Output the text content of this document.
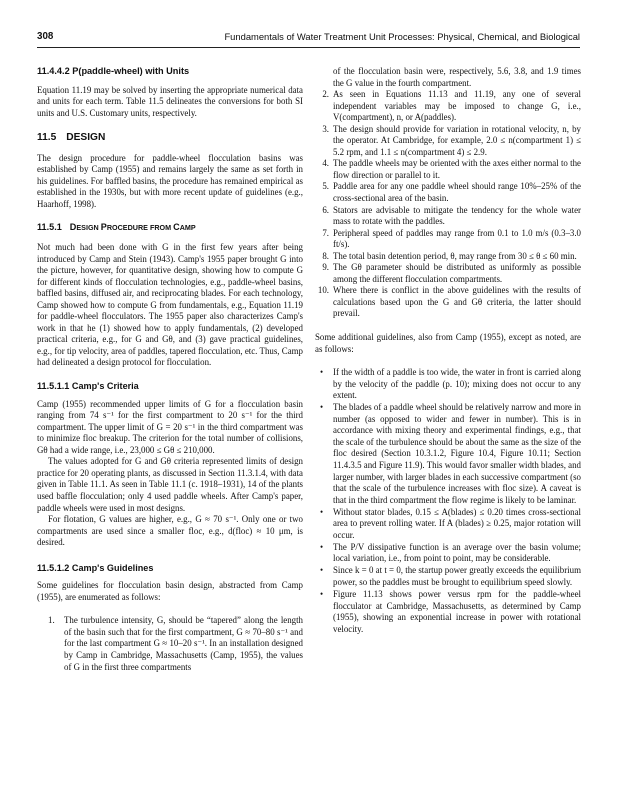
308	Fundamentals of Water Treatment Unit Processes: Physical, Chemical, and Biological
11.4.4.2 P(paddle-wheel) with Units

Equation 11.19 may be solved by inserting the appropriate numerical data and units for each term. Table 11.5 delineates the conversions for both SI units and U.S. Customary units, respectively.

11.5 DESIGN

The design procedure for paddle-wheel flocculation basins was established by Camp (1955) and remains largely the same as set forth in his guidelines. For baffled basins, the procedure has remained empirical as established in the 1930s, but with more recent update of guidelines (e.g., Haarhoff, 1998).

11.5.1 DESIGN PROCEDURE FROM CAMP

Not much had been done with G in the first few years after being introduced by Camp and Stein (1943). Camp's 1955 paper brought G into the picture, however, for quantitative design, showing how to compute G for different kinds of flocculation technologies, e.g., paddle-wheel basins, baffled basins, diffused air, and reciprocating blades. For each technology, Camp showed how to compute G from fundamentals, e.g., Equation 11.19 for paddle-wheel flocculators. The 1955 paper also characterizes Camp's work in that he (1) showed how to apply fundamentals, (2) developed practical criteria, e.g., for G and Gθ, and (3) gave practical guidelines, e.g., for tip velocity, area of paddles, tapered flocculation, etc. Thus, Camp had delineated a design protocol for flocculation.

11.5.1.1 Camp's Criteria

Camp (1955) recommended upper limits of G for a flocculation basin ranging from 74 s⁻¹ for the first compartment to 20 s⁻¹ for the third compartment. The upper limit of G = 20 s⁻¹ in the third compartment was to minimize floc breakup. The criterion for the total number of collisions, Gθ had a wide range, i.e., 23,000 ≤ Gθ ≤ 210,000.

The values adopted for G and Gθ criteria represented limits of design practice for 20 operating plants, as discussed in Section 11.3.1.4, with data given in Table 11.1. As seen in Table 11.1 (c. 1918–1931), 14 of the plants used baffle flocculation; only 4 used paddle wheels. After Camp's paper, paddle wheels were used in most designs.

For flotation, G values are higher, e.g., G ≈ 70 s⁻¹. Only one or two compartments are used since a smaller floc, e.g., d(floc) ≈ 10 μm, is desired.

11.5.1.2 Camp's Guidelines

Some guidelines for flocculation basin design, abstracted from Camp (1955), are enumerated as follows:

1. The turbulence intensity, G, should be “tapered” along the length of the basin such that for the first compartment, G ≈ 70–80 s⁻¹ and for the last compartment G ≈ 10–20 s⁻¹. In an installation designed by Camp in Cambridge, Massachusetts (Camp, 1955), the values of G in the first three compartments
of the flocculation basin were, respectively, 5.6, 3.8, and 1.9 times the G value in the fourth compartment.
2. As seen in Equations 11.13 and 11.19, any one of several independent variables may be imposed to change G, i.e., V(compartment), n, or A(paddles).
3. The design should provide for variation in rotational velocity, n, by the operator. At Cambridge, for example, 2.0 ≤ n(compartment 1) ≤ 5.2 rpm, and 1.1 ≤ n(compartment 4) ≤ 2.9.
4. The paddle wheels may be oriented with the axes either normal to the flow direction or parallel to it.
5. Paddle area for any one paddle wheel should range 10%–25% of the cross-sectional area of the basin.
6. Stators are advisable to mitigate the tendency for the whole water mass to rotate with the paddles.
7. Peripheral speed of paddles may range from 0.1 to 1.0 m/s (0.3–3.0 ft/s).
8. The total basin detention period, θ, may range from 30 ≤ θ ≤ 60 min.
9. The Gθ parameter should be distributed as uniformly as possible among the different flocculation compartments.
10. Where there is conflict in the above guidelines with the results of calculations based upon the G and Gθ criteria, the latter should prevail.

Some additional guidelines, also from Camp (1955), except as noted, are as follows:

• If the width of a paddle is too wide, the water in front is carried along by the velocity of the paddle (p. 10); mixing does not occur to any extent.
• The blades of a paddle wheel should be relatively narrow and more in number (as opposed to wider and fewer in number). This is in accordance with mixing theory and experimental findings, e.g., that the scale of the turbulence should be about the same as the size of the floc desired (Section 10.3.1.2, Figure 10.4, Figure 10.11; Section 11.4.3.5 and Figure 11.9). This would favor smaller width blades, and larger number, with larger blades in each successive compartment (so that the scale of the turbulence increases with floc size). A caveat is that in the third compartment the flow regime is likely to be laminar.
• Without stator blades, 0.15 ≤ A(blades) ≤ 0.20 times cross-sectional area to prevent rolling water. If A (blades) ≥ 0.25, major rotation will occur.
• The P/V dissipative function is an average over the basin volume; local variation, i.e., from point to point, may be considerable.
• Since k = 0 at t = 0, the startup power greatly exceeds the equilibrium power, so the paddles must be brought to equilibrium speed slowly.
• Figure 11.13 shows power versus rpm for the paddle-wheel flocculator at Cambridge, Massachusetts, as determined by Camp (1955), showing an exponential increase in power with rotational velocity.
